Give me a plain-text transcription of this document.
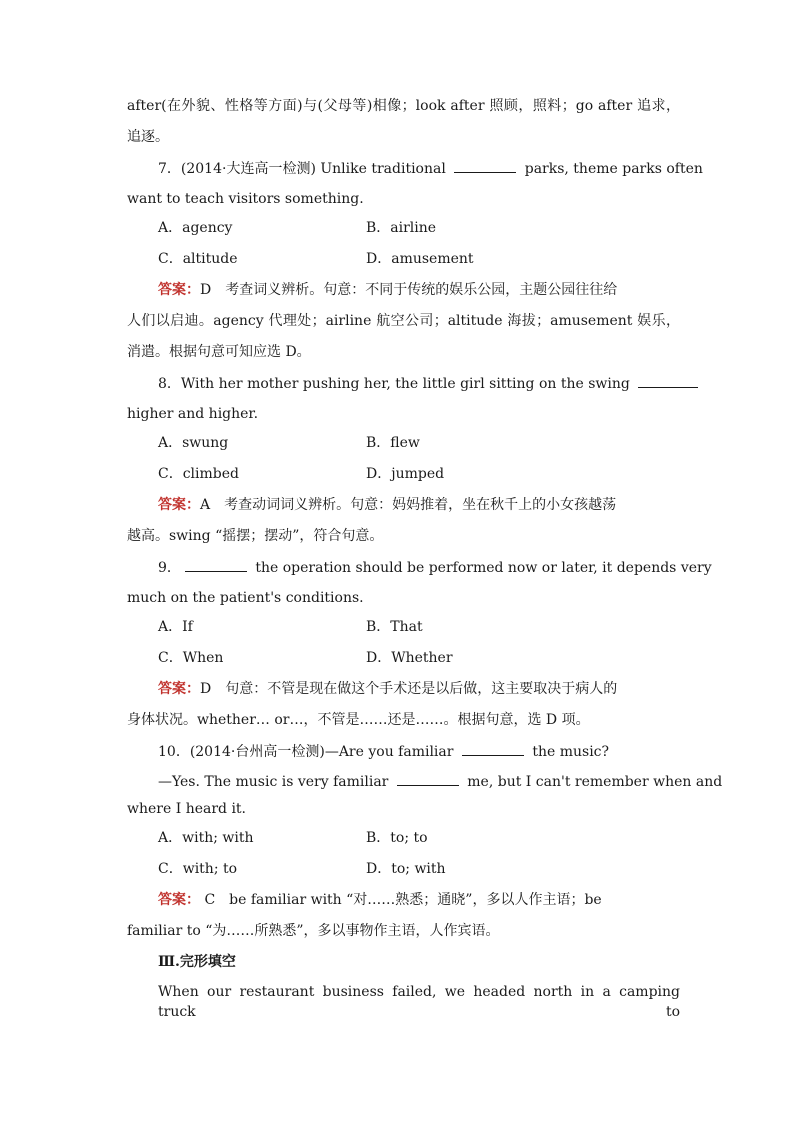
after(在外貌、性格等方面)与(父母等)相像；look after 照顾，照料；go after 追求，
追逐。
7．(2014·大连高一检测) Unlike traditional	parks, theme parks often
want to teach visitors something.
A．agency	B．airline
C．altitude	D．amusement
答案：D　考查词义辨析。句意：不同于传统的娱乐公园，主题公园往往给
人们以启迪。agency 代理处；airline 航空公司；altitude 海拔；amusement 娱乐，
消遣。根据句意可知应选 D。
8．With her mother pushing her, the little girl sitting on the swing
higher and higher.
A．swung	B．flew
C．climbed	D．jumped
答案：A　考查动词词义辨析。句意：妈妈推着，坐在秋千上的小女孩越荡
越高。swing “摇摆；摆动”，符合句意。
9．	the operation should be performed now or later, it depends very
much on the patient's conditions.
A．If	B．That
C．When	D．Whether
答案：D　句意：不管是现在做这个手术还是以后做，这主要取决于病人的
身体状况。whether… or…，不管是……还是……。根据句意，选 D 项。
10．(2014·台州高一检测)—Are you familiar	the music?
—Yes. The music is very familiar	me, but I can't remember when and
where I heard it.
A．with; with	B．to; to
C．with; to	D．to; with
答案： C　be familiar with “对……熟悉；通晓”，多以人作主语；be
familiar to “为……所熟悉”，多以事物作主语，人作宾语。
Ⅲ.完形填空
When our restaurant business failed, we headed north in a camping truck to
